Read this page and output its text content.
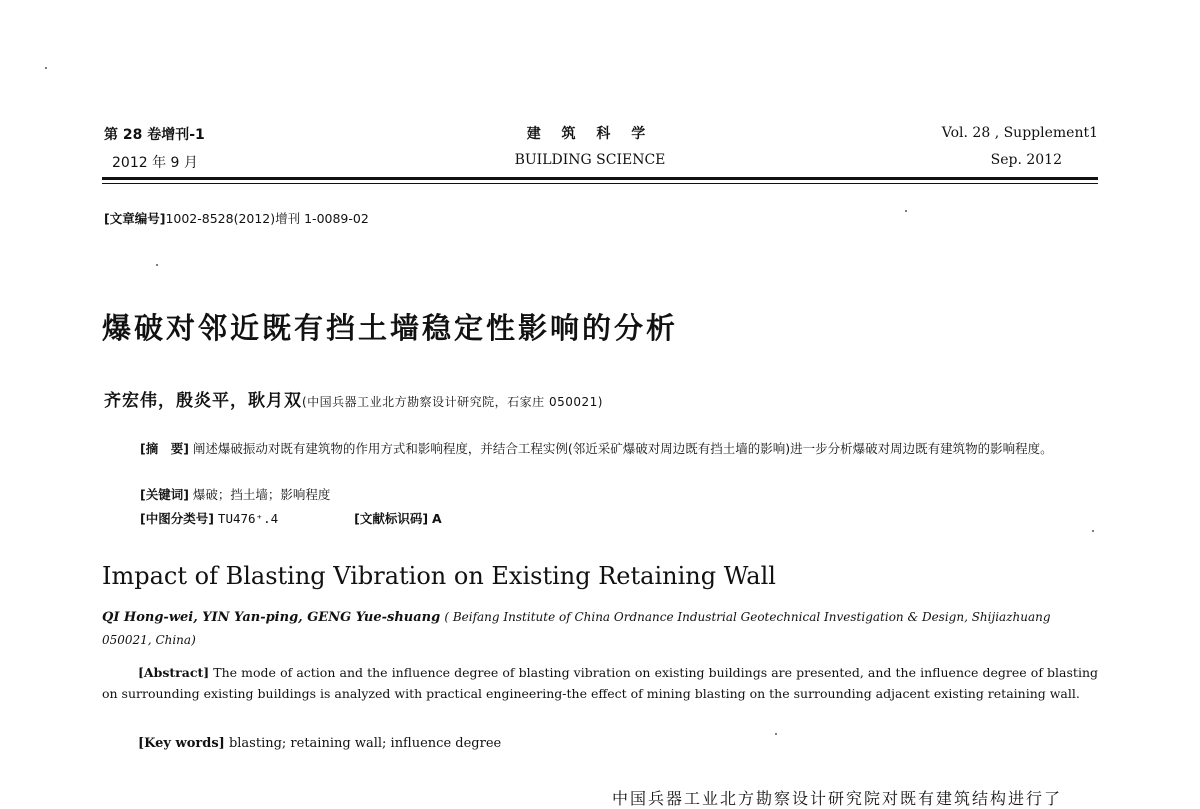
第 28 卷增刊-1
2012 年 9 月
建 筑 科 学
BUILDING SCIENCE
Vol. 28 , Supplement1
Sep. 2012
[文章编号]1002-8528(2012)增刊 1-0089-02
爆破对邻近既有挡土墙稳定性影响的分析
齐宏伟，殷炎平，耿月双(中国兵器工业北方勘察设计研究院，石家庄 050021)
[摘　要] 阐述爆破振动对既有建筑物的作用方式和影响程度，并结合工程实例(邻近采矿爆破对周边既有挡土墙的影响)进一步分析爆破对周边既有建筑物的影响程度。
[关键词] 爆破；挡土墙；影响程度
[中图分类号] TU476⁺.4	[文献标识码] A
Impact of Blasting Vibration on Existing Retaining Wall
QI Hong-wei, YIN Yan-ping, GENG Yue-shuang ( Beifang Institute of China Ordnance Industrial Geotechnical Investigation & Design, Shijiazhuang 050021, China)
[Abstract] The mode of action and the influence degree of blasting vibration on existing buildings are presented, and the influence degree of blasting on surrounding existing buildings is analyzed with practical engineering-the effect of mining blasting on the surrounding adjacent existing retaining wall.
[Key words] blasting; retaining wall; influence degree
中国兵器工业北方勘察设计研究院对既有建筑结构进行了
